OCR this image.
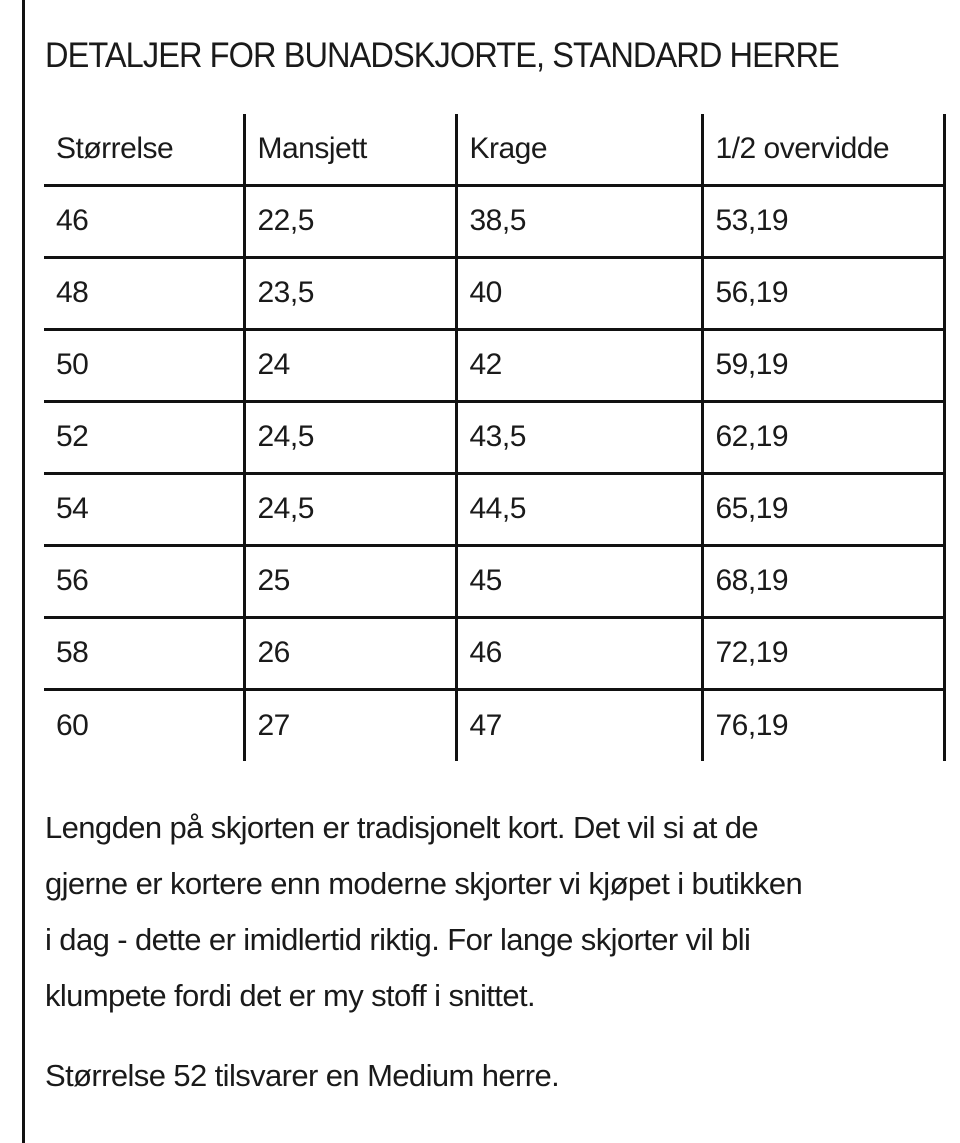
DETALJER FOR BUNADSKJORTE, STANDARD HERRE
Størrelse	Mansjett	Krage	1/2 overvidde
46	22,5	38,5	53,19
48	23,5	40	56,19
50	24	42	59,19
52	24,5	43,5	62,19
54	24,5	44,5	65,19
56	25	45	68,19
58	26	46	72,19
60	27	47	76,19
Lengden på skjorten er tradisjonelt kort. Det vil si at de
gjerne er kortere enn moderne skjorter vi kjøpet i butikken
i dag - dette er imidlertid riktig. For lange skjorter vil bli
klumpete fordi det er my stoff i snittet.
Størrelse 52 tilsvarer en Medium herre.
